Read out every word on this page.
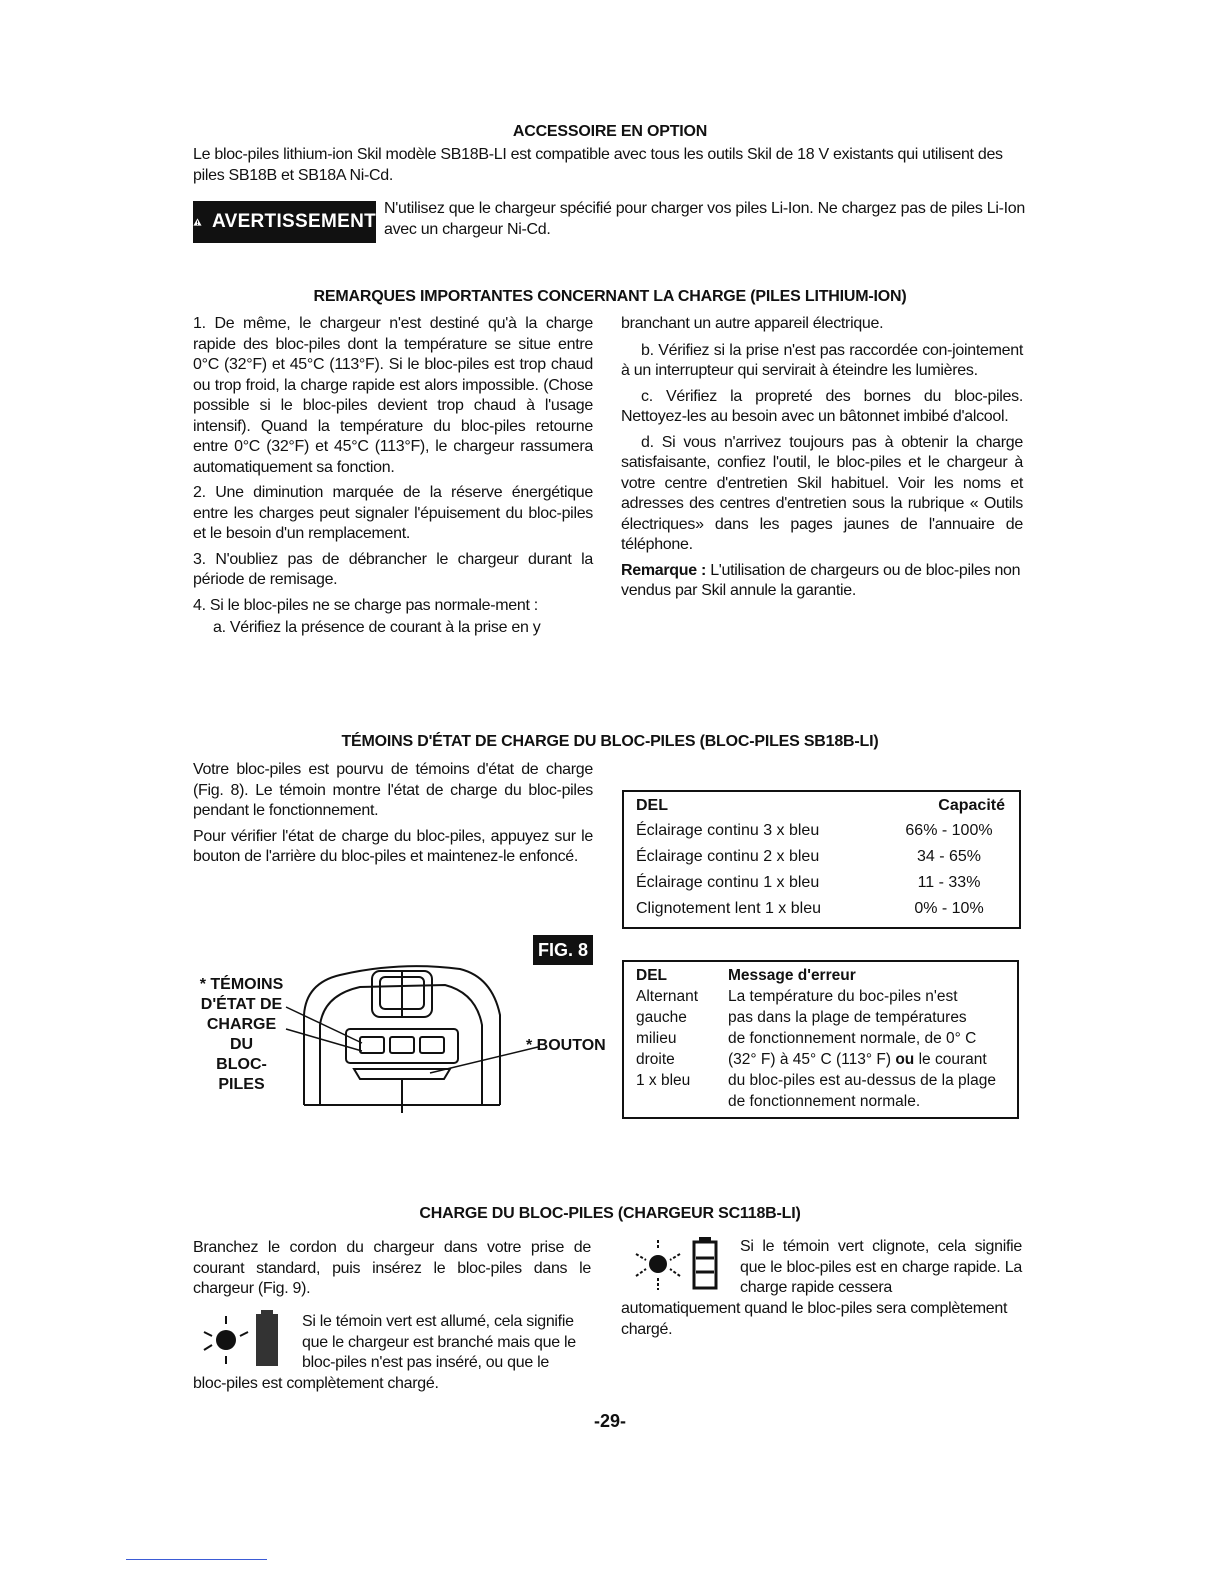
ACCESSOIRE EN OPTION
Le bloc-piles lithium-ion Skil modèle SB18B-LI est compatible avec tous les outils Skil de 18 V existants qui utilisent des piles SB18B et SB18A Ni-Cd.
AVERTISSEMENT
N'utilisez que le chargeur spécifié pour charger vos piles Li-Ion. Ne chargez pas de piles Li-Ion avec un chargeur Ni-Cd.
REMARQUES IMPORTANTES CONCERNANT LA CHARGE (PILES LITHIUM-ION)
1. De même, le chargeur n'est destiné qu'à la charge rapide des bloc-piles dont la température se situe entre 0°C (32°F) et 45°C (113°F). Si le bloc-piles est trop chaud ou trop froid, la charge rapide est alors impossible. (Chose possible si le bloc-piles devient trop chaud à l'usage intensif). Quand la température du bloc-piles retourne entre 0°C (32°F) et 45°C (113°F), le chargeur rassumera automatiquement sa fonction.
2. Une diminution marquée de la réserve énergétique entre les charges peut signaler l'épuisement du bloc-piles et le besoin d'un remplacement.
3. N'oubliez pas de débrancher le chargeur durant la période de remisage.
4. Si le bloc-piles ne se charge pas normale-ment :
a. Vérifiez la présence de courant à la prise en y
branchant un autre appareil électrique.
b. Vérifiez si la prise n'est pas raccordée con-jointement à un interrupteur qui servirait à éteindre les lumières.
c. Vérifiez la propreté des bornes du bloc-piles. Nettoyez-les au besoin avec un bâtonnet imbibé d'alcool.
d. Si vous n'arrivez toujours pas à obtenir la charge satisfaisante, confiez l'outil, le bloc-piles et le chargeur à votre centre d'entretien Skil habituel. Voir les noms et adresses des centres d'entretien sous la rubrique « Outils électriques» dans les pages jaunes de l'annuaire de téléphone.
Remarque : L'utilisation de chargeurs ou de bloc-piles non vendus par Skil annule la garantie.
TÉMOINS D'ÉTAT DE CHARGE DU BLOC-PILES (BLOC-PILES SB18B-LI)
Votre bloc-piles est pourvu de témoins d'état de charge (Fig. 8). Le témoin montre l'état de charge du bloc-piles pendant le fonctionnement.
Pour vérifier l'état de charge du bloc-piles, appuyez sur le bouton de l'arrière du bloc-piles et maintenez-le enfoncé.
FIG. 8
* TÉMOINS
D'ÉTAT DE
CHARGE DU
BLOC-PILES
* BOUTON
DEL	Capacité
Éclairage continu 3 x bleu	66% - 100%
Éclairage continu 2 x bleu	34 - 65%
Éclairage continu 1 x bleu	11 - 33%
Clignotement lent 1 x bleu	0% - 10%
DEL	Message d'erreur
Alternant	La température du boc-piles n'est
gauche	pas dans la plage de températures
milieu	de fonctionnement normale, de 0° C
droite	(32° F) à 45° C (113° F) ou le courant
1 x bleu	du bloc-piles est au-dessus de la plage
de fonctionnement normale.
CHARGE DU BLOC-PILES (CHARGEUR SC118B-LI)
Branchez le cordon du chargeur dans votre prise de courant standard, puis insérez le bloc-piles dans le chargeur (Fig. 9).
Si le témoin vert est allumé, cela signifie que le chargeur est branché mais que le bloc-piles n'est pas inséré, ou que le
bloc-piles est complètement chargé.
Si le témoin vert clignote, cela signifie que le bloc-piles est en charge rapide. La charge rapide cessera
automatiquement quand le bloc-piles sera complètement chargé.
-29-
